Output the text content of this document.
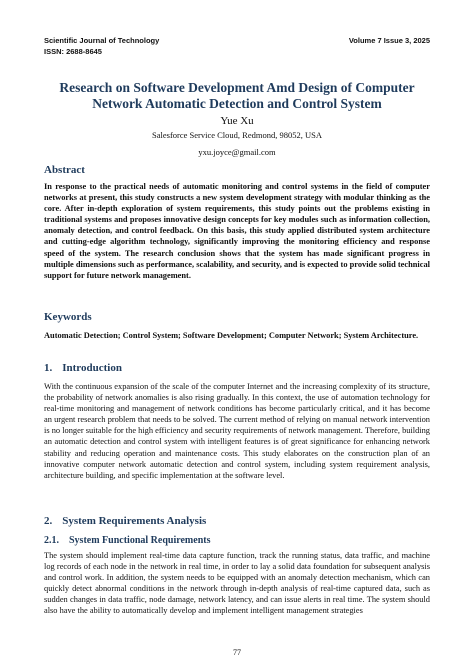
Scientific Journal of Technology	Volume 7 Issue 3, 2025
ISSN: 2688-8645
Research on Software Development Amd Design of Computer Network Automatic Detection and Control System
Yue Xu
Salesforce Service Cloud, Redmond, 98052, USA
yxu.joyce@gmail.com
Abstract
In response to the practical needs of automatic monitoring and control systems in the field of computer networks at present, this study constructs a new system development strategy with modular thinking as the core. After in-depth exploration of system requirements, this study points out the problems existing in traditional systems and proposes innovative design concepts for key modules such as information collection, anomaly detection, and control feedback. On this basis, this study applied distributed system architecture and cutting-edge algorithm technology, significantly improving the monitoring efficiency and response speed of the system. The research conclusion shows that the system has made significant progress in multiple dimensions such as performance, scalability, and security, and is expected to provide solid technical support for future network management.
Keywords
Automatic Detection; Control System; Software Development; Computer Network; System Architecture.
1. Introduction
With the continuous expansion of the scale of the computer Internet and the increasing complexity of its structure, the probability of network anomalies is also rising gradually. In this context, the use of automation technology for real-time monitoring and management of network conditions has become particularly critical, and it has become an urgent research problem that needs to be solved. The current method of relying on manual network intervention is no longer suitable for the high efficiency and security requirements of network management. Therefore, building an automatic detection and control system with intelligent features is of great significance for enhancing network stability and reducing operation and maintenance costs. This study elaborates on the construction plan of an innovative computer network automatic detection and control system, including system requirement analysis, architecture building, and specific implementation at the software level.
2. System Requirements Analysis
2.1. System Functional Requirements
The system should implement real-time data capture function, track the running status, data traffic, and machine log records of each node in the network in real time, in order to lay a solid data foundation for subsequent analysis and control work. In addition, the system needs to be equipped with an anomaly detection mechanism, which can quickly detect abnormal conditions in the network through in-depth analysis of real-time captured data, such as sudden changes in data traffic, node damage, network latency, and can issue alerts in real time. The system should also have the ability to automatically develop and implement intelligent management strategies
77
